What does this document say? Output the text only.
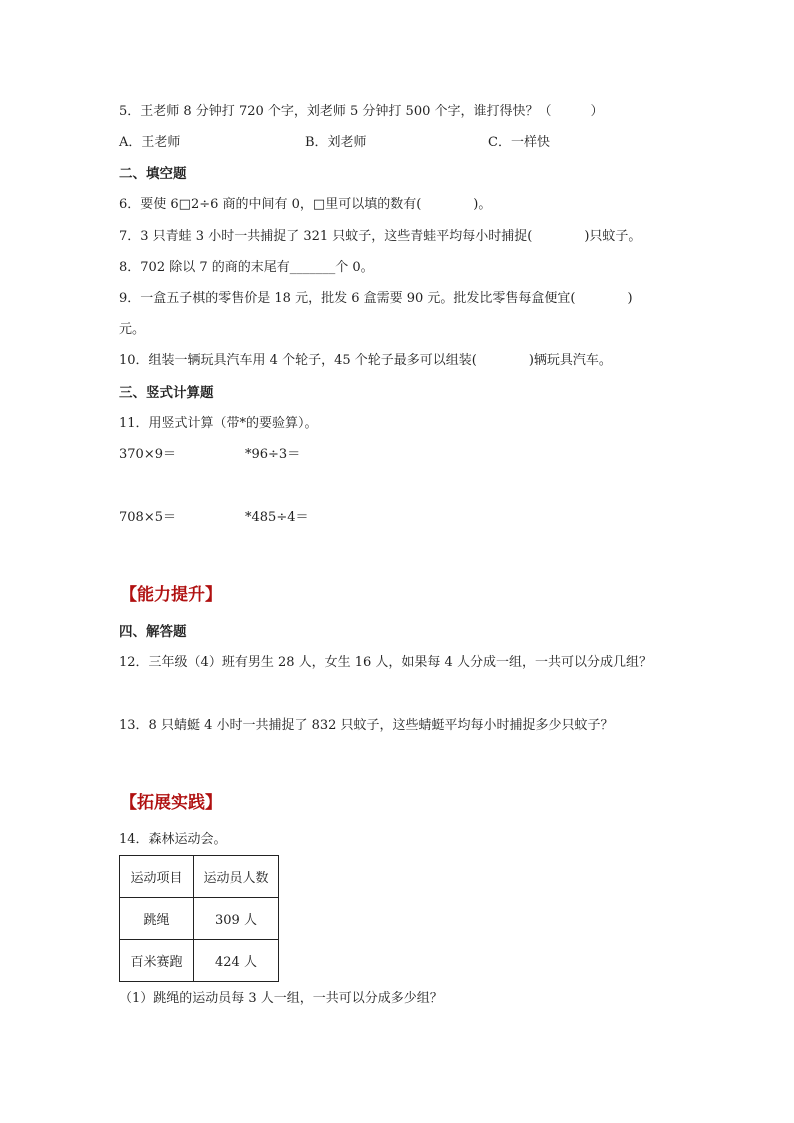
5．王老师 8 分钟打 720 个字，刘老师 5 分钟打 500 个字，谁打得快？（　　　）
A．王老师	B．刘老师	C．一样快
二、填空题
6．要使 6□2÷6 商的中间有 0，□里可以填的数有(　　　　)。
7．3 只青蛙 3 小时一共捕捉了 321 只蚊子，这些青蛙平均每小时捕捉(　　　　)只蚊子。
8．702 除以 7 的商的末尾有_______个 0。
9．一盒五子棋的零售价是 18 元，批发 6 盒需要 90 元。批发比零售每盒便宜(　　　　)
元。
10．组装一辆玩具汽车用 4 个轮子，45 个轮子最多可以组装(　　　　)辆玩具汽车。
三、竖式计算题
11．用竖式计算（带*的要验算）。
370×9＝	*96÷3＝
708×5＝	*485÷4＝
【能力提升】
四、解答题
12．三年级（4）班有男生 28 人，女生 16 人，如果每 4 人分成一组，一共可以分成几组？
13．8 只蜻蜓 4 小时一共捕捉了 832 只蚊子，这些蜻蜓平均每小时捕捉多少只蚊子？
【拓展实践】
14．森林运动会。
运动项目	运动员人数
跳绳	309 人
百米赛跑	424 人
（1）跳绳的运动员每 3 人一组，一共可以分成多少组？
